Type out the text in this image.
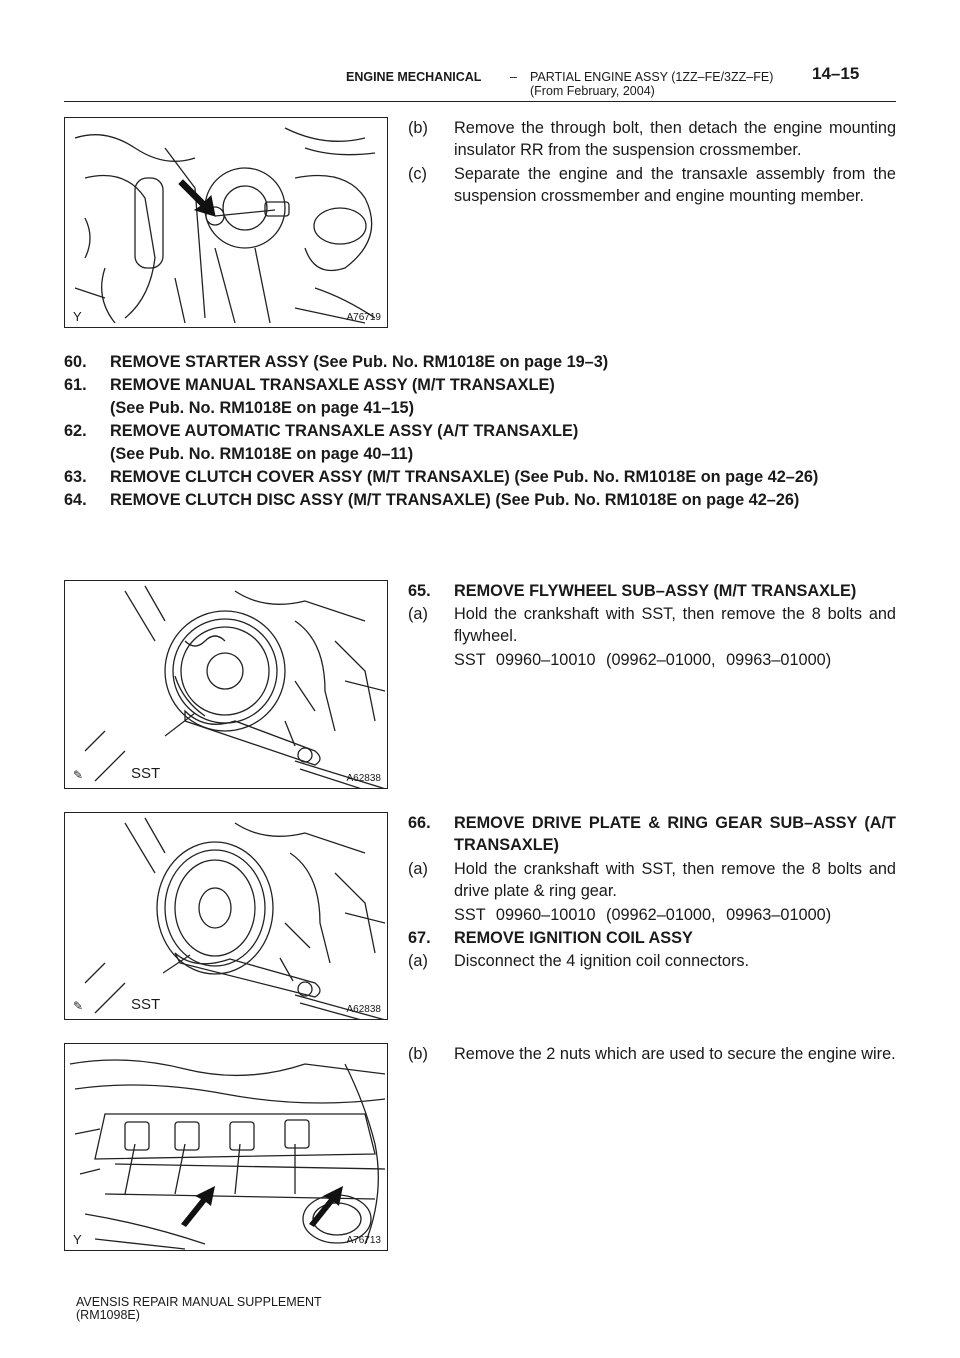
ENGINE MECHANICAL – PARTIAL ENGINE ASSY (1ZZ–FE/3ZZ–FE)(From February, 2004)
14–15
Y	A76719
(b) Remove the through bolt, then detach the engine mounting insulator RR from the suspension crossmember.
(c) Separate the engine and the transaxle assembly from the suspension crossmember and engine mounting member.
60. REMOVE STARTER ASSY (See Pub. No. RM1018E on page 19–3)
61. REMOVE MANUAL TRANSAXLE ASSY (M/T TRANSAXLE)
(See Pub. No. RM1018E on page 41–15)
62. REMOVE AUTOMATIC TRANSAXLE ASSY (A/T TRANSAXLE)
(See Pub. No. RM1018E on page 40–11)
63. REMOVE CLUTCH COVER ASSY (M/T TRANSAXLE) (See Pub. No. RM1018E on page 42–26)
64. REMOVE CLUTCH DISC ASSY (M/T TRANSAXLE) (See Pub. No. RM1018E on page 42–26)
✎	SST	A62838
65. REMOVE FLYWHEEL SUB–ASSY (M/T TRANSAXLE)
(a) Hold the crankshaft with SST, then remove the 8 bolts and flywheel.
SST 09960–10010 (09962–01000, 09963–01000)
✎	SST	A62838
66. REMOVE DRIVE PLATE & RING GEAR SUB–ASSY (A/T TRANSAXLE)
(a) Hold the crankshaft with SST, then remove the 8 bolts and drive plate & ring gear.
SST 09960–10010 (09962–01000, 09963–01000)
67. REMOVE IGNITION COIL ASSY
(a) Disconnect the 4 ignition coil connectors.
Y	A76713
(b) Remove the 2 nuts which are used to secure the engine wire.
AVENSIS REPAIR MANUAL SUPPLEMENT
(RM1098E)
